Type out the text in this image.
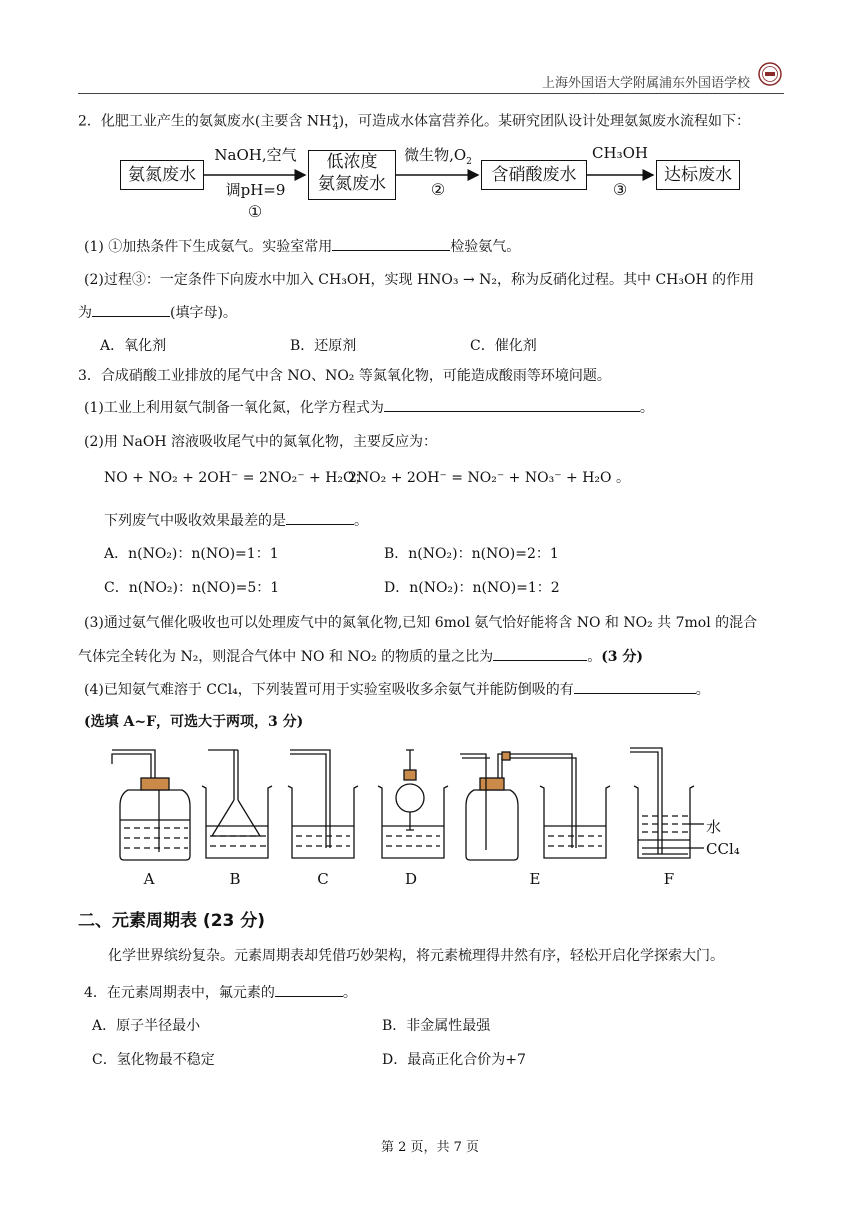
上海外国语大学附属浦东外国语学校
2．化肥工业产生的氨氮废水(主要含 $NH^+_4$)，可造成水体富营养化。某研究团队设计处理氨氮废水流程如下：
氨氮废水
NaOH,空气
调pH=9
①
低浓度
氨氮废水
微生物$,O_2$
②
含硝酸废水
CH₃OH
③
达标废水
(1) ①加热条件下生成氨气。实验室常用	检验氨气。
(2)过程③：一定条件下向废水中加入 CH₃OH，实现 HNO₃ → N₂，称为反硝化过程。其中 CH₃OH 的作用
为	(填字母)。
A．氧化剂	B．还原剂	C．催化剂
3．合成硝酸工业排放的尾气中含 NO、NO₂ 等氮氧化物，可能造成酸雨等环境问题。
(1)工业上利用氨气制备一氧化氮，化学方程式为	。
(2)用 NaOH 溶液吸收尾气中的氮氧化物，主要反应为：
NO + NO₂ + 2OH⁻ = 2NO₂⁻ + H₂O；
2NO₂ + 2OH⁻ = NO₂⁻ + NO₃⁻ + H₂O 。
下列废气中吸收效果最差的是	。
A．n(NO₂)：n(NO)=1：1	B．n(NO₂)：n(NO)=2：1
C．n(NO₂)：n(NO)=5：1	D．n(NO₂)：n(NO)=1：2
(3)通过氨气催化吸收也可以处理废气中的氮氧化物,已知 6mol 氨气恰好能将含 NO 和 NO₂ 共 7mol 的混合
气体完全转化为 N₂，则混合气体中 NO 和 NO₂ 的物质的量之比为	。(3 分)
(4)已知氨气难溶于 CCl₄，下列装置可用于实验室吸收多余氨气并能防倒吸的有	。
(选填 A~F，可选大于两项，3 分)
水
CCl₄
A	B	C	D	E	F
二、元素周期表 (23 分)
化学世界缤纷复杂。元素周期表却凭借巧妙架构，将元素梳理得井然有序，轻松开启化学探索大门。
4．在元素周期表中，氟元素的	。
A．原子半径最小	B．非金属性最强
C．氢化物最不稳定	D．最高正化合价为+7
第 2 页，共 7 页
